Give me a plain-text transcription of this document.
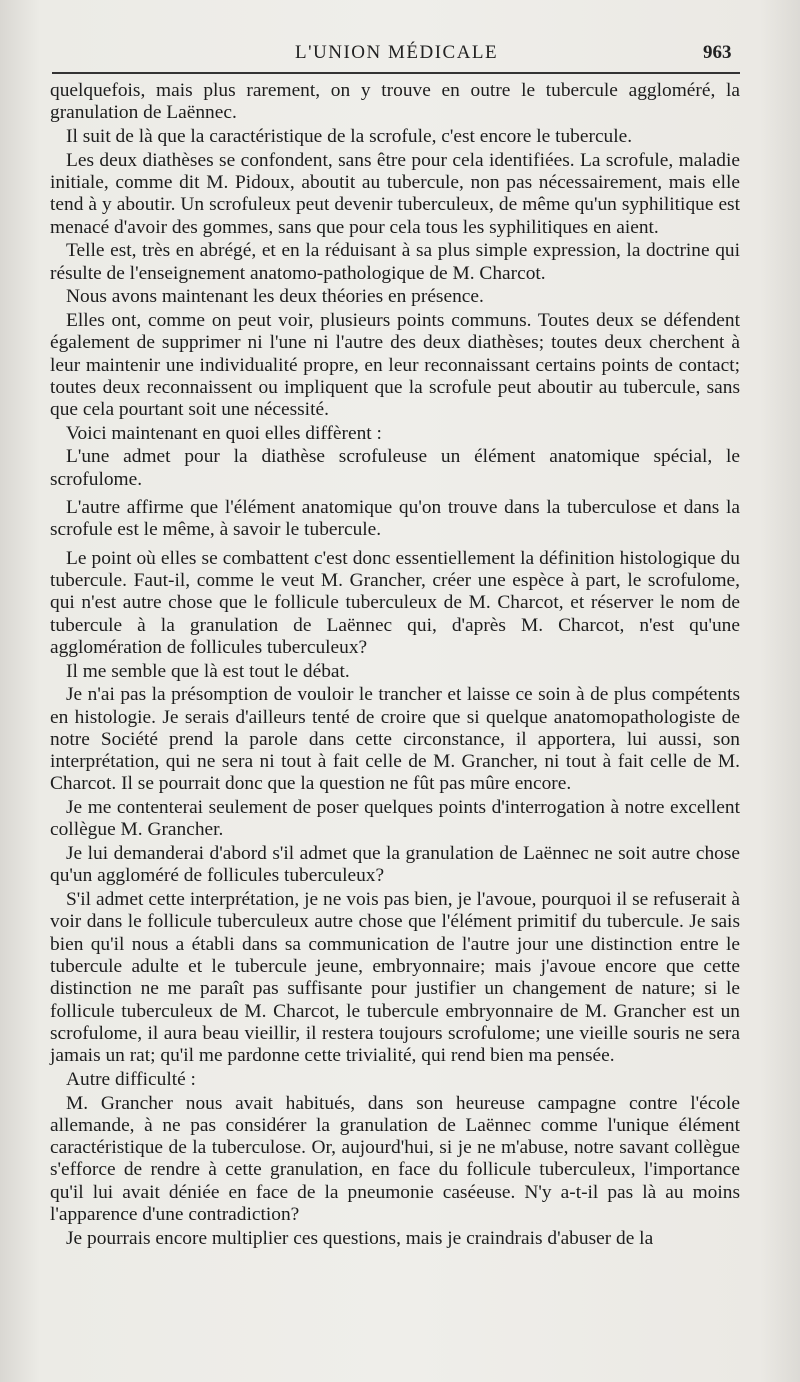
L'UNION MÉDICALE	963

quelquefois, mais plus rarement, on y trouve en outre le tubercule aggloméré, la granulation de Laënnec.

Il suit de là que la caractéristique de la scrofule, c'est encore le tubercule.

Les deux diathèses se confondent, sans être pour cela identifiées. La scrofule, maladie initiale, comme dit M. Pidoux, aboutit au tubercule, non pas nécessairement, mais elle tend à y aboutir. Un scrofuleux peut devenir tuberculeux, de même qu'un syphilitique est menacé d'avoir des gommes, sans que pour cela tous les syphilitiques en aient.

Telle est, très en abrégé, et en la réduisant à sa plus simple expression, la doctrine qui résulte de l'enseignement anatomo-pathologique de M. Charcot.

Nous avons maintenant les deux théories en présence.

Elles ont, comme on peut voir, plusieurs points communs. Toutes deux se défendent également de supprimer ni l'une ni l'autre des deux diathèses; toutes deux cherchent à leur maintenir une individualité propre, en leur reconnaissant certains points de contact; toutes deux reconnaissent ou impliquent que la scrofule peut aboutir au tubercule, sans que cela pourtant soit une nécessité.

Voici maintenant en quoi elles diffèrent :

L'une admet pour la diathèse scrofuleuse un élément anatomique spécial, le scrofulome.

L'autre affirme que l'élément anatomique qu'on trouve dans la tuberculose et dans la scrofule est le même, à savoir le tubercule.

Le point où elles se combattent c'est donc essentiellement la définition histologique du tubercule. Faut-il, comme le veut M. Grancher, créer une espèce à part, le scrofulome, qui n'est autre chose que le follicule tuberculeux de M. Charcot, et réserver le nom de tubercule à la granulation de Laënnec qui, d'après M. Charcot, n'est qu'une agglomération de follicules tuberculeux?

Il me semble que là est tout le débat.

Je n'ai pas la présomption de vouloir le trancher et laisse ce soin à de plus compétents en histologie. Je serais d'ailleurs tenté de croire que si quelque anatomopathologiste de notre Société prend la parole dans cette circonstance, il apportera, lui aussi, son interprétation, qui ne sera ni tout à fait celle de M. Grancher, ni tout à fait celle de M. Charcot. Il se pourrait donc que la question ne fût pas mûre encore.

Je me contenterai seulement de poser quelques points d'interrogation à notre excellent collègue M. Grancher.

Je lui demanderai d'abord s'il admet que la granulation de Laënnec ne soit autre chose qu'un aggloméré de follicules tuberculeux?

S'il admet cette interprétation, je ne vois pas bien, je l'avoue, pourquoi il se refuserait à voir dans le follicule tuberculeux autre chose que l'élément primitif du tubercule. Je sais bien qu'il nous a établi dans sa communication de l'autre jour une distinction entre le tubercule adulte et le tubercule jeune, embryonnaire; mais j'avoue encore que cette distinction ne me paraît pas suffisante pour justifier un changement de nature; si le follicule tuberculeux de M. Charcot, le tubercule embryonnaire de M. Grancher est un scrofulome, il aura beau vieillir, il restera toujours scrofulome; une vieille souris ne sera jamais un rat; qu'il me pardonne cette trivialité, qui rend bien ma pensée.

Autre difficulté :

M. Grancher nous avait habitués, dans son heureuse campagne contre l'école allemande, à ne pas considérer la granulation de Laënnec comme l'unique élément caractéristique de la tuberculose. Or, aujourd'hui, si je ne m'abuse, notre savant collègue s'efforce de rendre à cette granulation, en face du follicule tuberculeux, l'importance qu'il lui avait déniée en face de la pneumonie caséeuse. N'y a-t-il pas là au moins l'apparence d'une contradiction?

Je pourrais encore multiplier ces questions, mais je craindrais d'abuser de la
